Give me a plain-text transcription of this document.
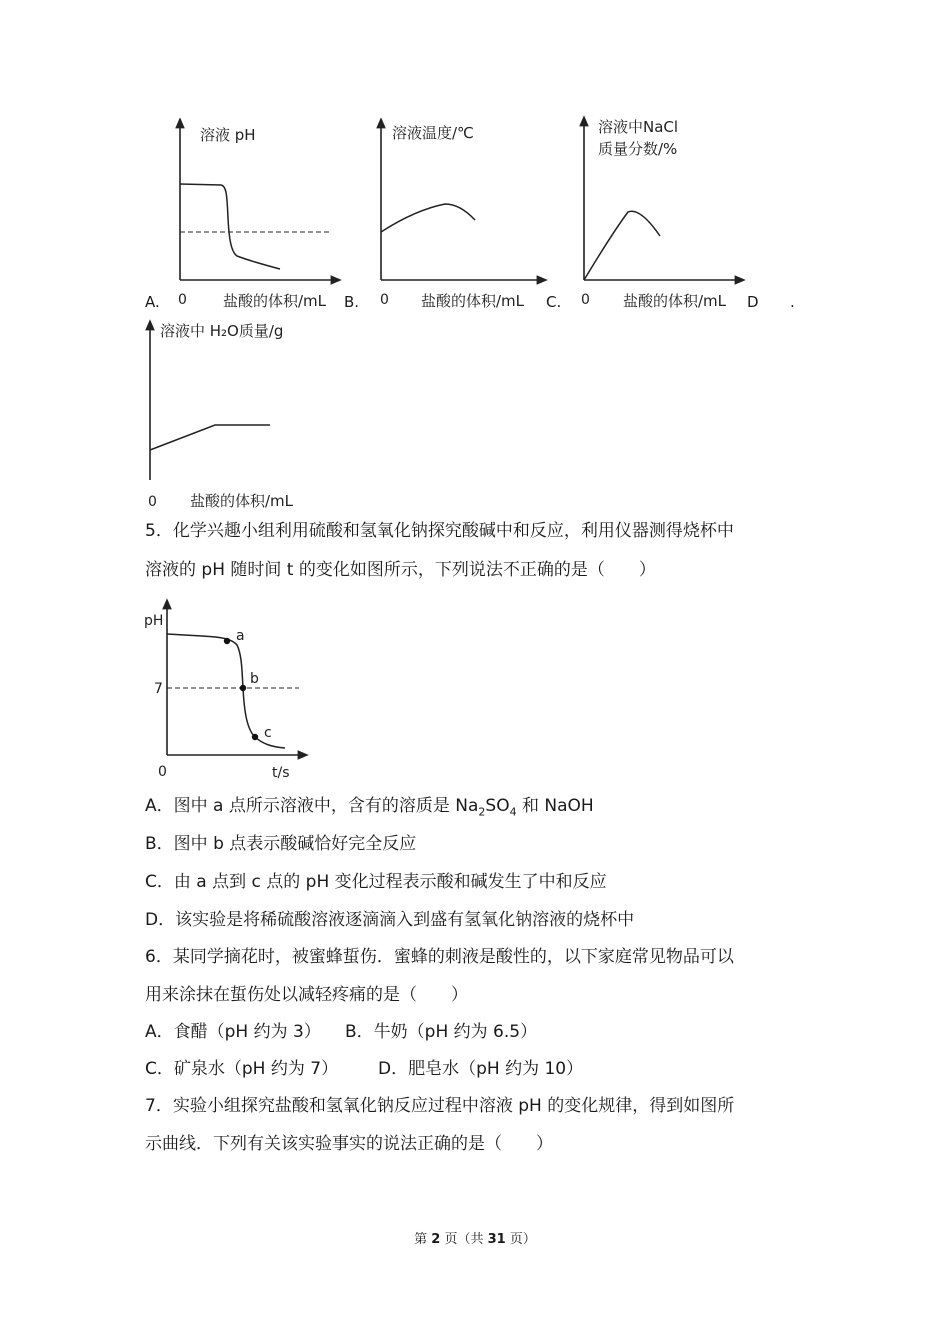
溶液 pH
0 盐酸的体积/mL
A.
溶液温度/℃
0 盐酸的体积/mL
B.
溶液中NaCl
质量分数/%
0 盐酸的体积/mL
C.	D .
溶液中 H₂O质量/g
0 盐酸的体积/mL
5．化学兴趣小组利用硫酸和氢氧化钠探究酸碱中和反应，利用仪器测得烧杯中
溶液的 pH 随时间 t 的变化如图所示，下列说法不正确的是（　　）
pH
7
a
b
c
0	t/s
A．图中 a 点所示溶液中，含有的溶质是 $Na_2SO_4$ 和 NaOH
B．图中 b 点表示酸碱恰好完全反应
C．由 a 点到 c 点的 pH 变化过程表示酸和碱发生了中和反应
D．该实验是将稀硫酸溶液逐滴滴入到盛有氢氧化钠溶液的烧杯中
6．某同学摘花时，被蜜蜂蜇伤．蜜蜂的刺液是酸性的，以下家庭常见物品可以
用来涂抹在蜇伤处以减轻疼痛的是（　　）
A．食醋（pH 约为 3） B．牛奶（pH 约为 6.5）
C．矿泉水（pH 约为 7） D．肥皂水（pH 约为 10）
7．实验小组探究盐酸和氢氧化钠反应过程中溶液 pH 的变化规律，得到如图所
示曲线．下列有关该实验事实的说法正确的是（　　）
第 2 页（共 31 页）
